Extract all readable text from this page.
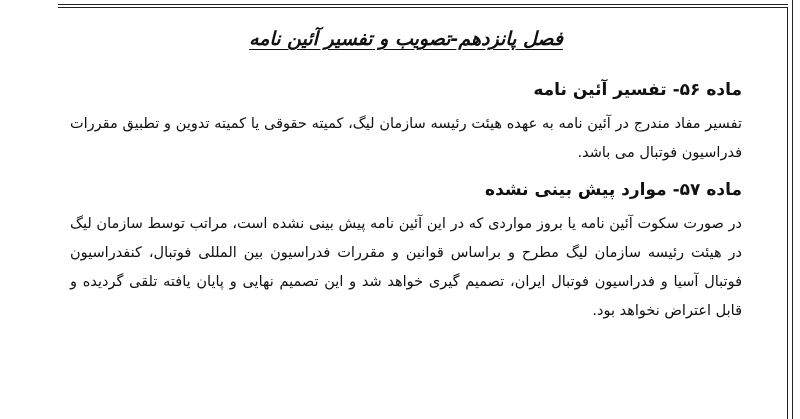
فصل پانزدهم-تصویب و تفسیر آئین نامه
ماده ۵۶- تفسیر آئین نامه
تفسیر مفاد مندرج در آئین نامه به عهده هیئت رئیسه سازمان لیگ، کمیته حقوقی یا کمیته تدوین و تطبیق مقررات فدراسیون فوتبال می باشد.
ماده ۵۷- موارد پیش بینی نشده
در صورت سکوت آئین نامه یا بروز مواردی که در این آئین نامه پیش بینی نشده است، مراتب توسط سازمان لیگ در هیئت رئیسه سازمان لیگ مطرح و براساس قوانین و مقررات فدراسیون بین المللی فوتبال، کنفدراسیون فوتبال آسیا و فدراسیون فوتبال ایران، تصمیم گیری خواهد شد و این تصمیم نهایی و پایان یافته تلقی گردیده و قابل اعتراض نخواهد بود.
